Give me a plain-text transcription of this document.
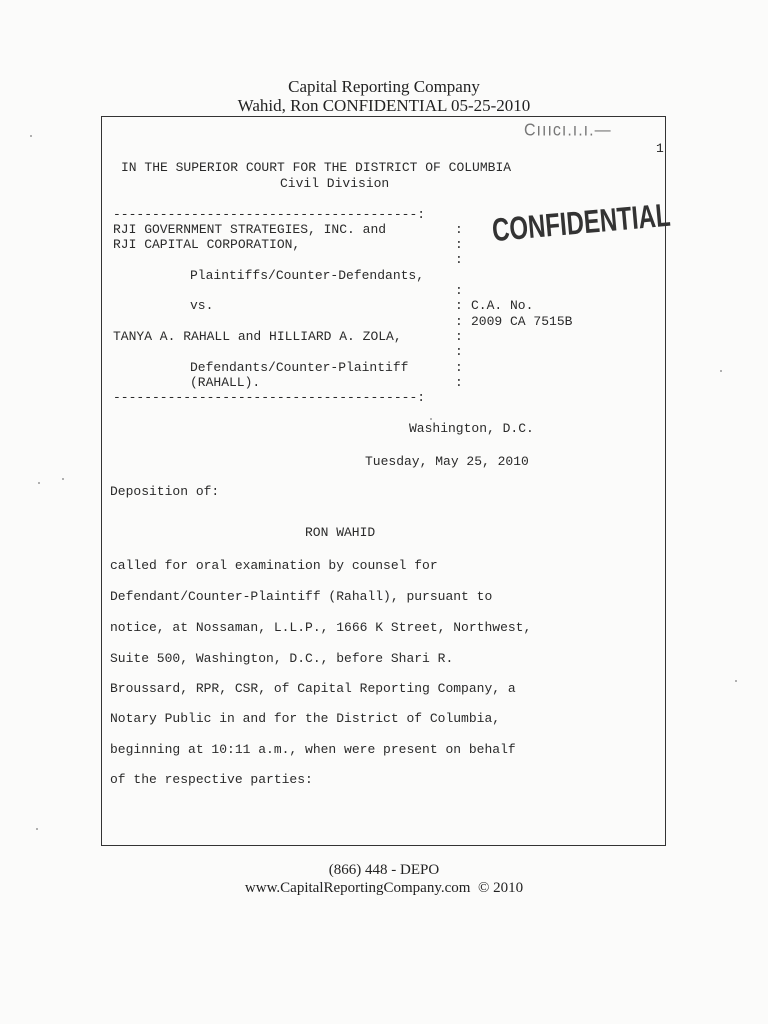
Capital Reporting Company
Wahid, Ron CONFIDENTIAL 05-25-2010
Cıııcı.ı.ı.—
1
CONFIDENTIAL
IN THE SUPERIOR COURT FOR THE DISTRICT OF COLUMBIA
Civil Division
---------------------------------------:
RJI GOVERNMENT STRATEGIES, INC. and
RJI CAPITAL CORPORATION,
Plaintiffs/Counter-Defendants,
vs.
TANYA A. RAHALL and HILLIARD A. ZOLA,
Defendants/Counter-Plaintiff
(RAHALL).
---------------------------------------:
:
:
:
:
:
:
:
:
:
:
C.A. No.
2009 CA 7515B
Washington, D.C.
Tuesday, May 25, 2010
Deposition of:
RON WAHID
called for oral examination by counsel for
Defendant/Counter-Plaintiff (Rahall), pursuant to
notice, at Nossaman, L.L.P., 1666 K Street, Northwest,
Suite 500, Washington, D.C., before Shari R.
Broussard, RPR, CSR, of Capital Reporting Company, a
Notary Public in and for the District of Columbia,
beginning at 10:11 a.m., when were present on behalf
of the respective parties:
(866) 448 - DEPO
www.CapitalReportingCompany.com © 2010
